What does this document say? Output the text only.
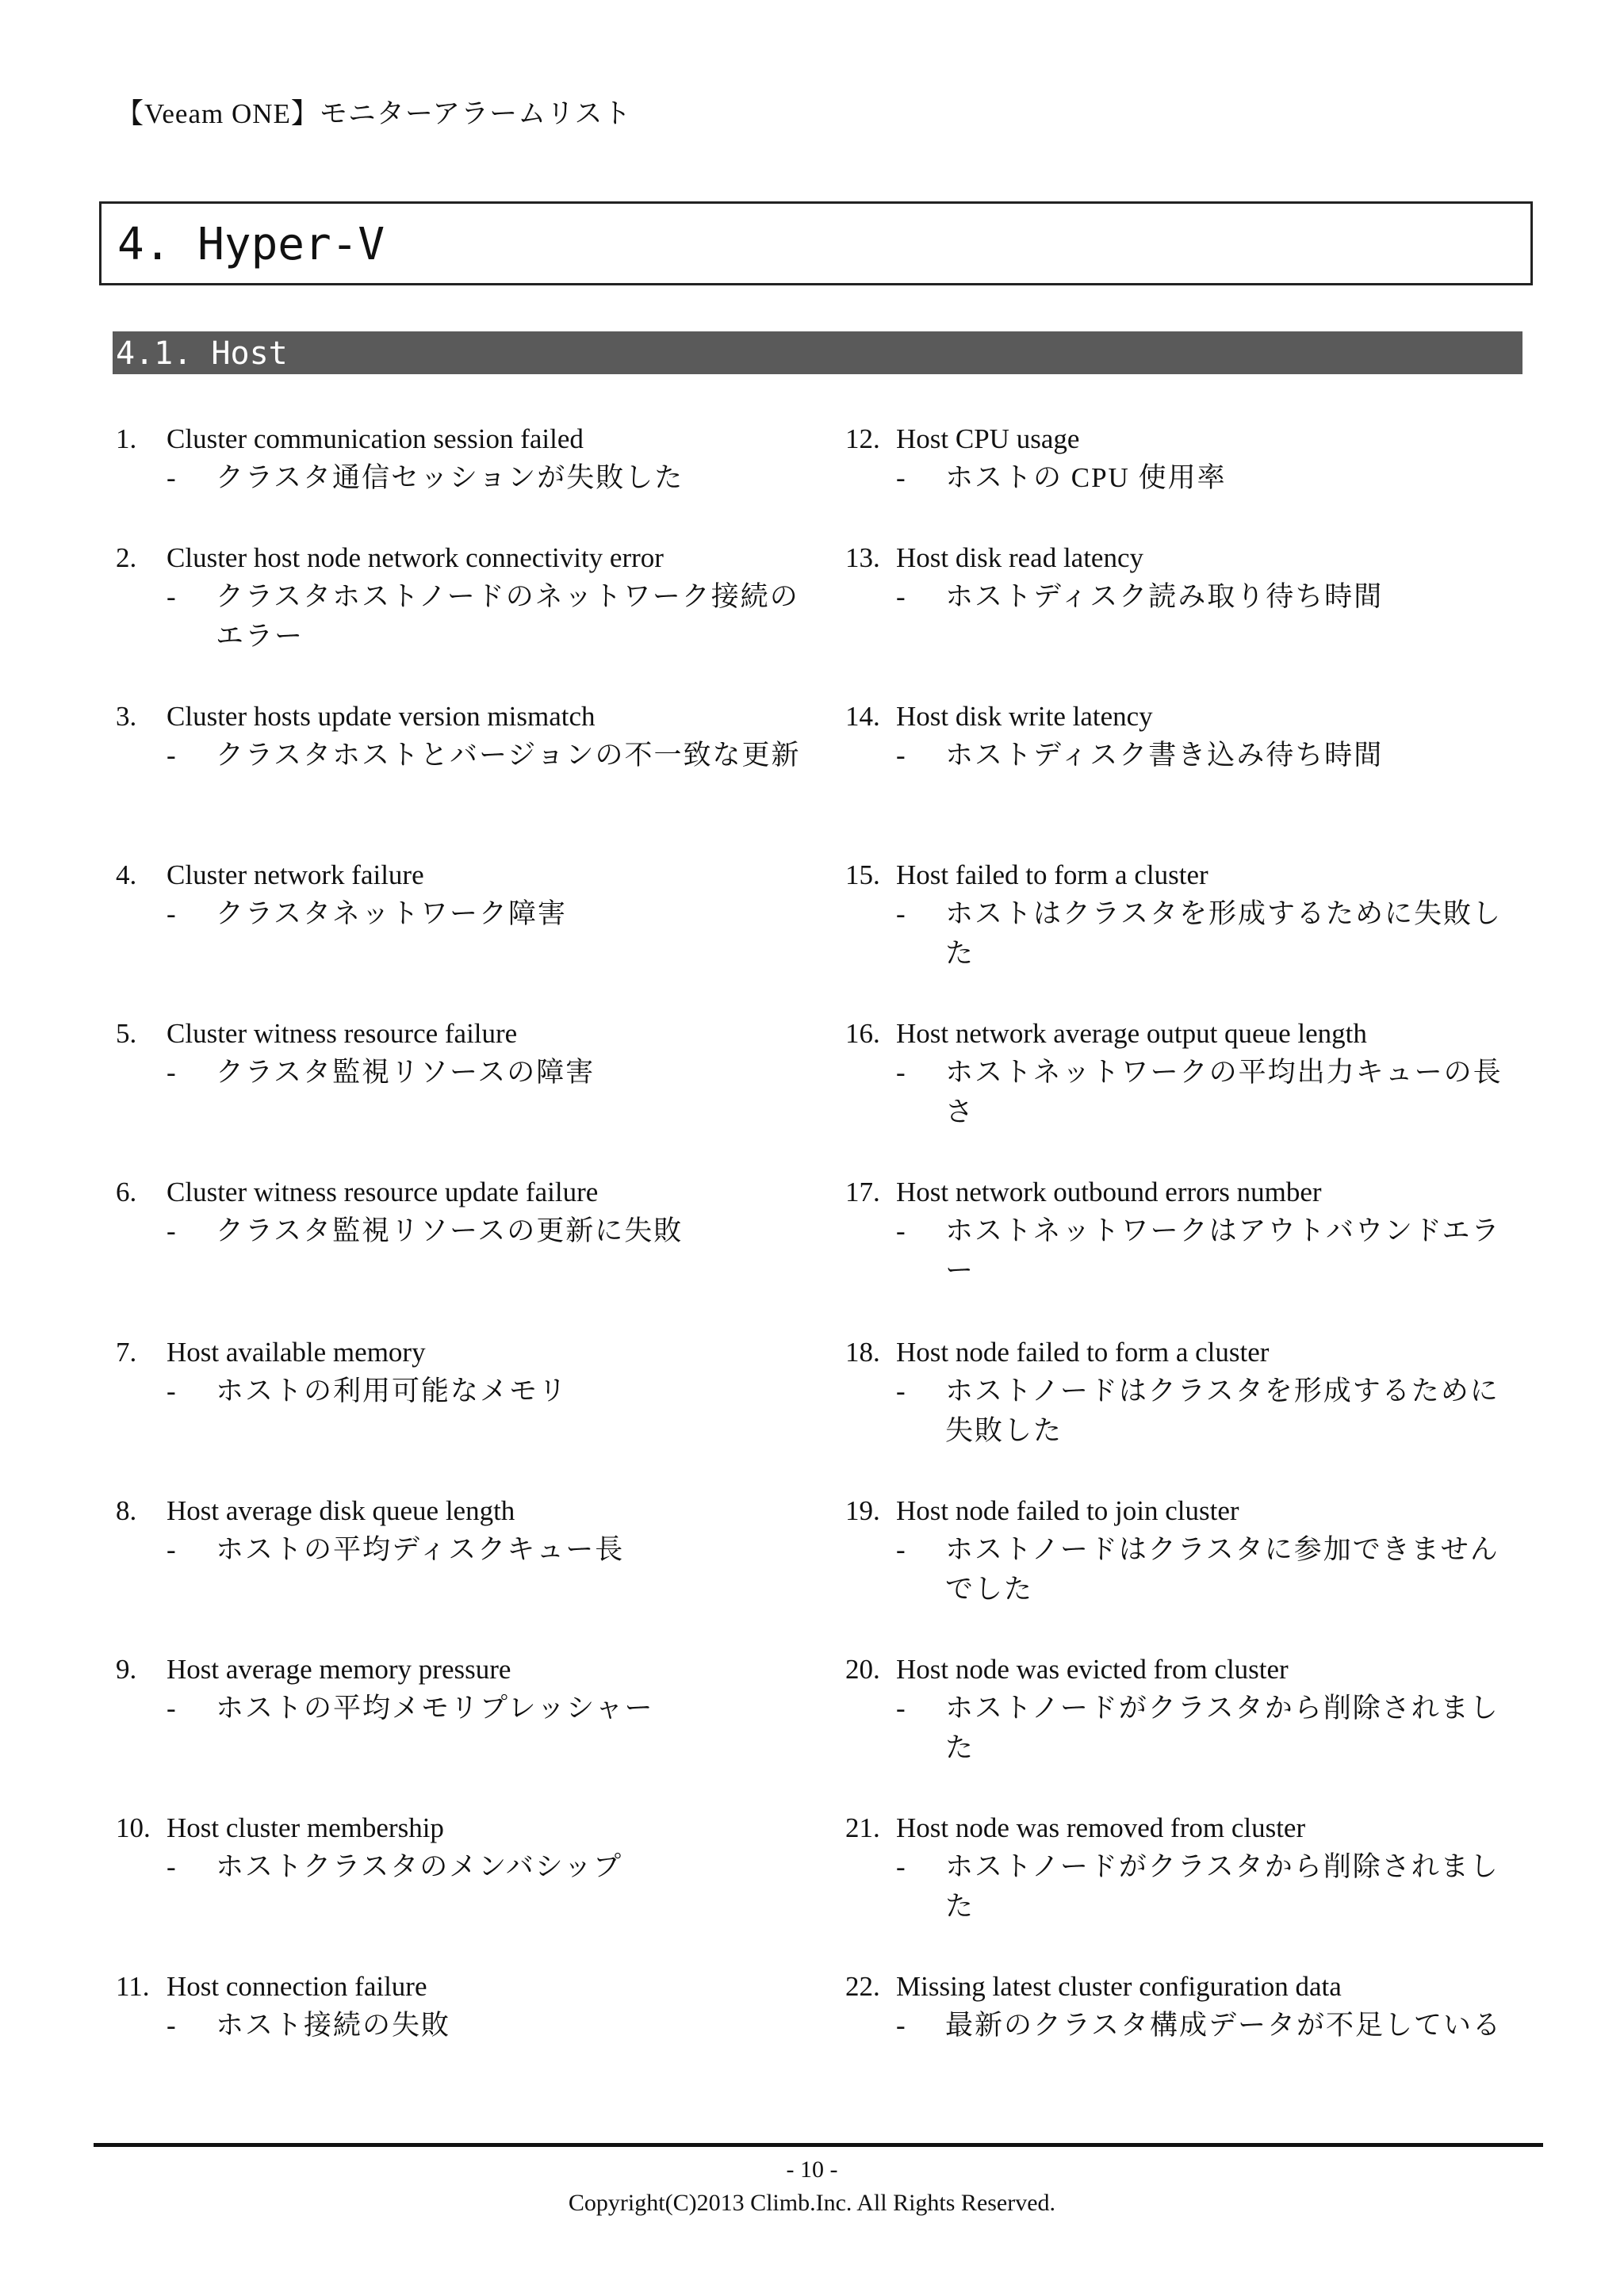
【Veeam ONE】モニターアラームリスト
4. Hyper-V
4.1. Host
1. Cluster communication session failed
- クラスタ通信セッションが失敗した
2. Cluster host node network connectivity error
- クラスタホストノードのネットワーク接続のエラー
3. Cluster hosts update version mismatch
- クラスタホストとバージョンの不一致な更新
4. Cluster network failure
- クラスタネットワーク障害
5. Cluster witness resource failure
- クラスタ監視リソースの障害
6. Cluster witness resource update failure
- クラスタ監視リソースの更新に失敗
7. Host available memory
- ホストの利用可能なメモリ
8. Host average disk queue length
- ホストの平均ディスクキュー長
9. Host average memory pressure
- ホストの平均メモリプレッシャー
10. Host cluster membership
- ホストクラスタのメンバシップ
11. Host connection failure
- ホスト接続の失敗
12. Host CPU usage
- ホストの CPU 使用率
13. Host disk read latency
- ホストディスク読み取り待ち時間
14. Host disk write latency
- ホストディスク書き込み待ち時間
15. Host failed to form a cluster
- ホストはクラスタを形成するために失敗した
16. Host network average output queue length
- ホストネットワークの平均出力キューの長さ
17. Host network outbound errors number
- ホストネットワークはアウトバウンドエラー
18. Host node failed to form a cluster
- ホストノードはクラスタを形成するために失敗した
19. Host node failed to join cluster
- ホストノードはクラスタに参加できませんでした
20. Host node was evicted from cluster
- ホストノードがクラスタから削除されました
21. Host node was removed from cluster
- ホストノードがクラスタから削除されました
22. Missing latest cluster configuration data
- 最新のクラスタ構成データが不足している
- 10 -
Copyright(C)2013 Climb.Inc. All Rights Reserved.
